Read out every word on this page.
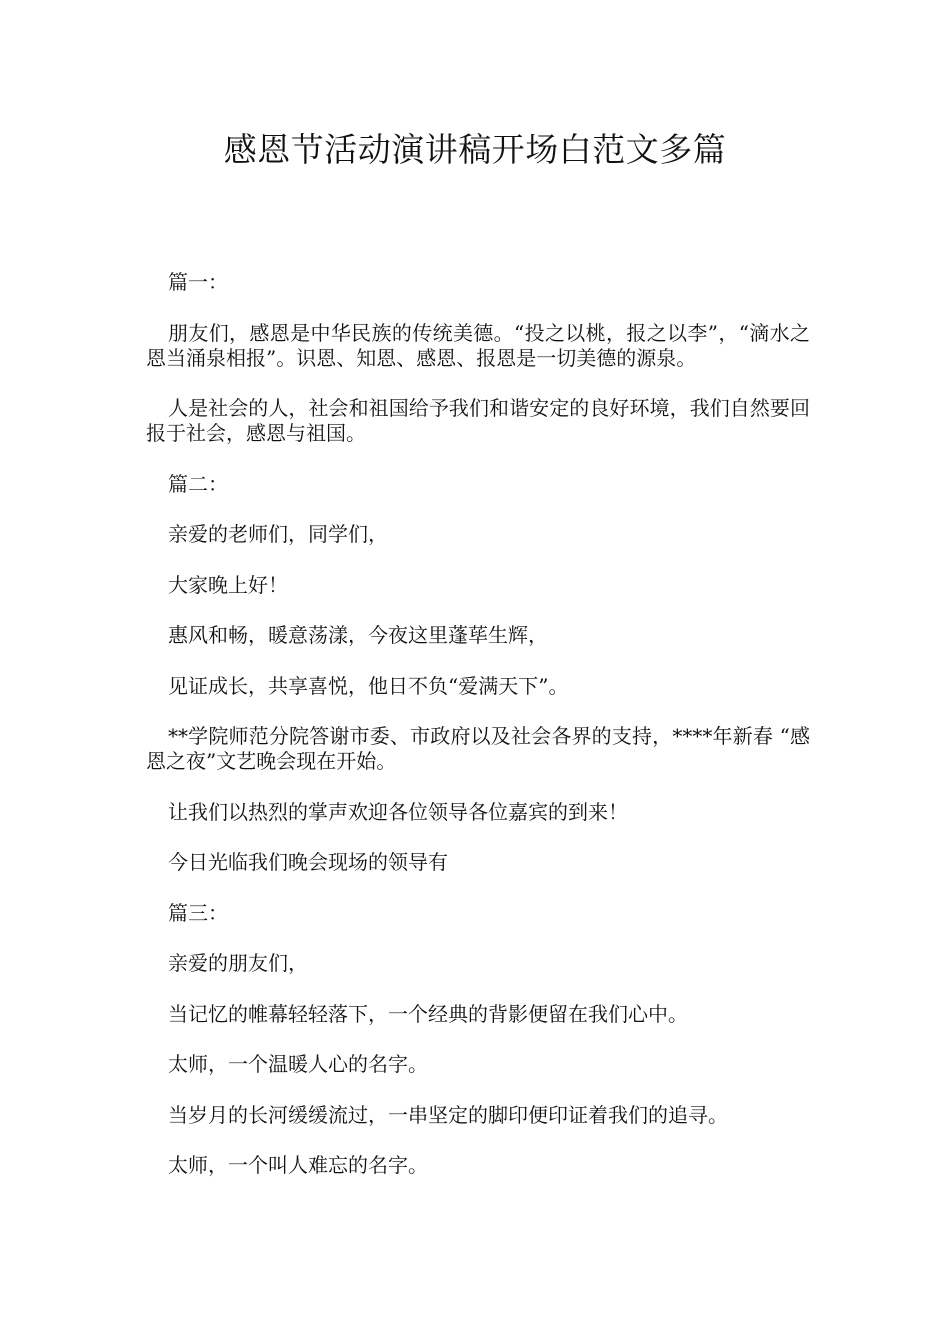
感恩节活动演讲稿开场白范文多篇

篇一：

朋友们，感恩是中华民族的传统美德。“投之以桃，报之以李”，“滴水之恩当涌泉相报”。识恩、知恩、感恩、报恩是一切美德的源泉。

人是社会的人，社会和祖国给予我们和谐安定的良好环境，我们自然要回报于社会，感恩与祖国。

篇二：

亲爱的老师们，同学们，

大家晚上好！

惠风和畅，暖意荡漾，今夜这里蓬荜生辉，

见证成长，共享喜悦，他日不负“爱满天下”。

**学院师范分院答谢市委、市政府以及社会各界的支持，****年新春 “感恩之夜”文艺晚会现在开始。

让我们以热烈的掌声欢迎各位领导各位嘉宾的到来！

今日光临我们晚会现场的领导有

篇三：

亲爱的朋友们，

当记忆的帷幕轻轻落下，一个经典的背影便留在我们心中。

太师，一个温暖人心的名字。

当岁月的长河缓缓流过，一串坚定的脚印便印证着我们的追寻。

太师，一个叫人难忘的名字。
